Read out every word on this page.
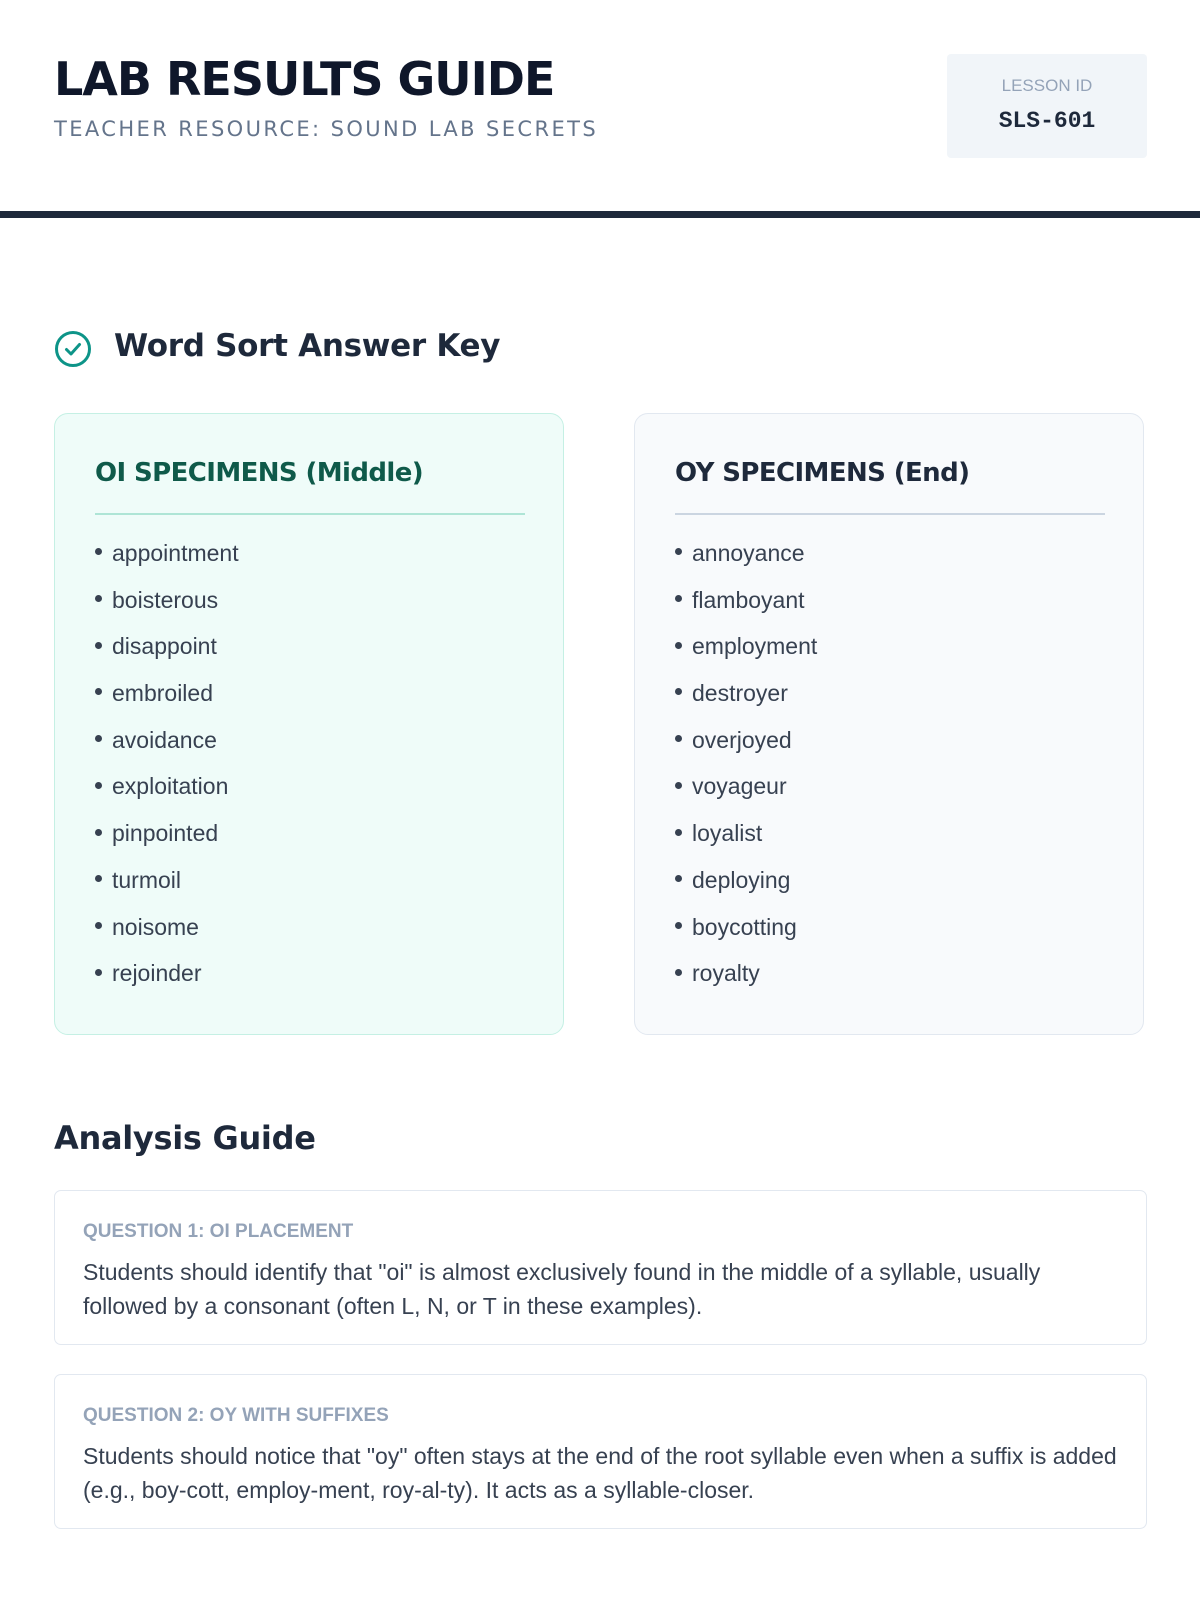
LAB RESULTS GUIDE
TEACHER RESOURCE: SOUND LAB SECRETS
LESSON ID
SLS-601
Word Sort Answer Key
OI SPECIMENS (Middle)
appointment
boisterous
disappoint
embroiled
avoidance
exploitation
pinpointed
turmoil
noisome
rejoinder
OY SPECIMENS (End)
annoyance
flamboyant
employment
destroyer
overjoyed
voyageur
loyalist
deploying
boycotting
royalty
Analysis Guide
QUESTION 1: OI PLACEMENT
Students should identify that "oi" is almost exclusively found in the middle of a syllable, usually followed by a consonant (often L, N, or T in these examples).
QUESTION 2: OY WITH SUFFIXES
Students should notice that "oy" often stays at the end of the root syllable even when a suffix is added (e.g., boy-cott, employ-ment, roy-al-ty). It acts as a syllable-closer.
